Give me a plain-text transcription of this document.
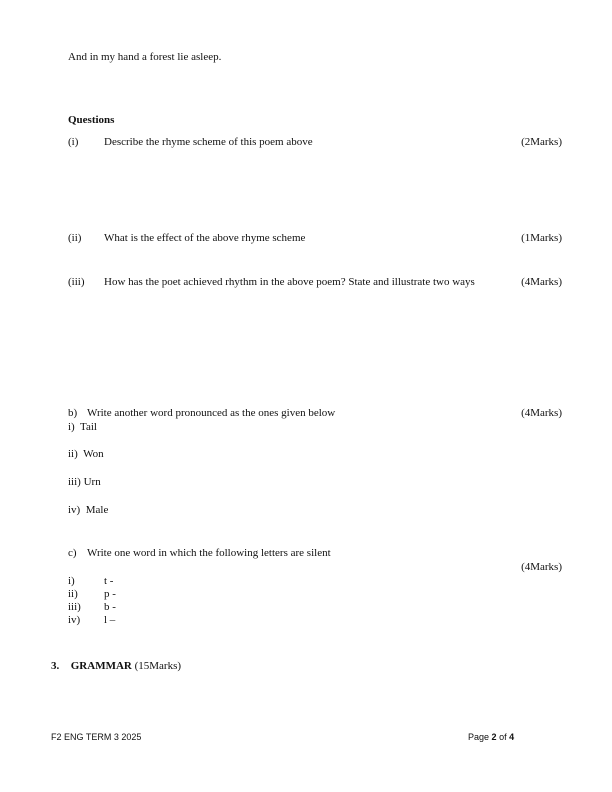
And in my hand a forest lie asleep.
Questions
(i) Describe the rhyme scheme of this poem above	(2Marks)
(ii) What is the effect of the above rhyme scheme	(1Marks)
(iii) How has the poet achieved rhythm in the above poem? State and illustrate two ways	(4Marks)
b) Write another word pronounced as the ones given below	(4Marks)
i) Tail
ii) Won
iii) Urn
iv) Male
c) Write one word in which the following letters are silent
(4Marks)
i)	t -
ii) p -
iii) b -
iv) l –
3. GRAMMAR (15Marks)
F2 ENG TERM 3 2025	Page 2 of 4
